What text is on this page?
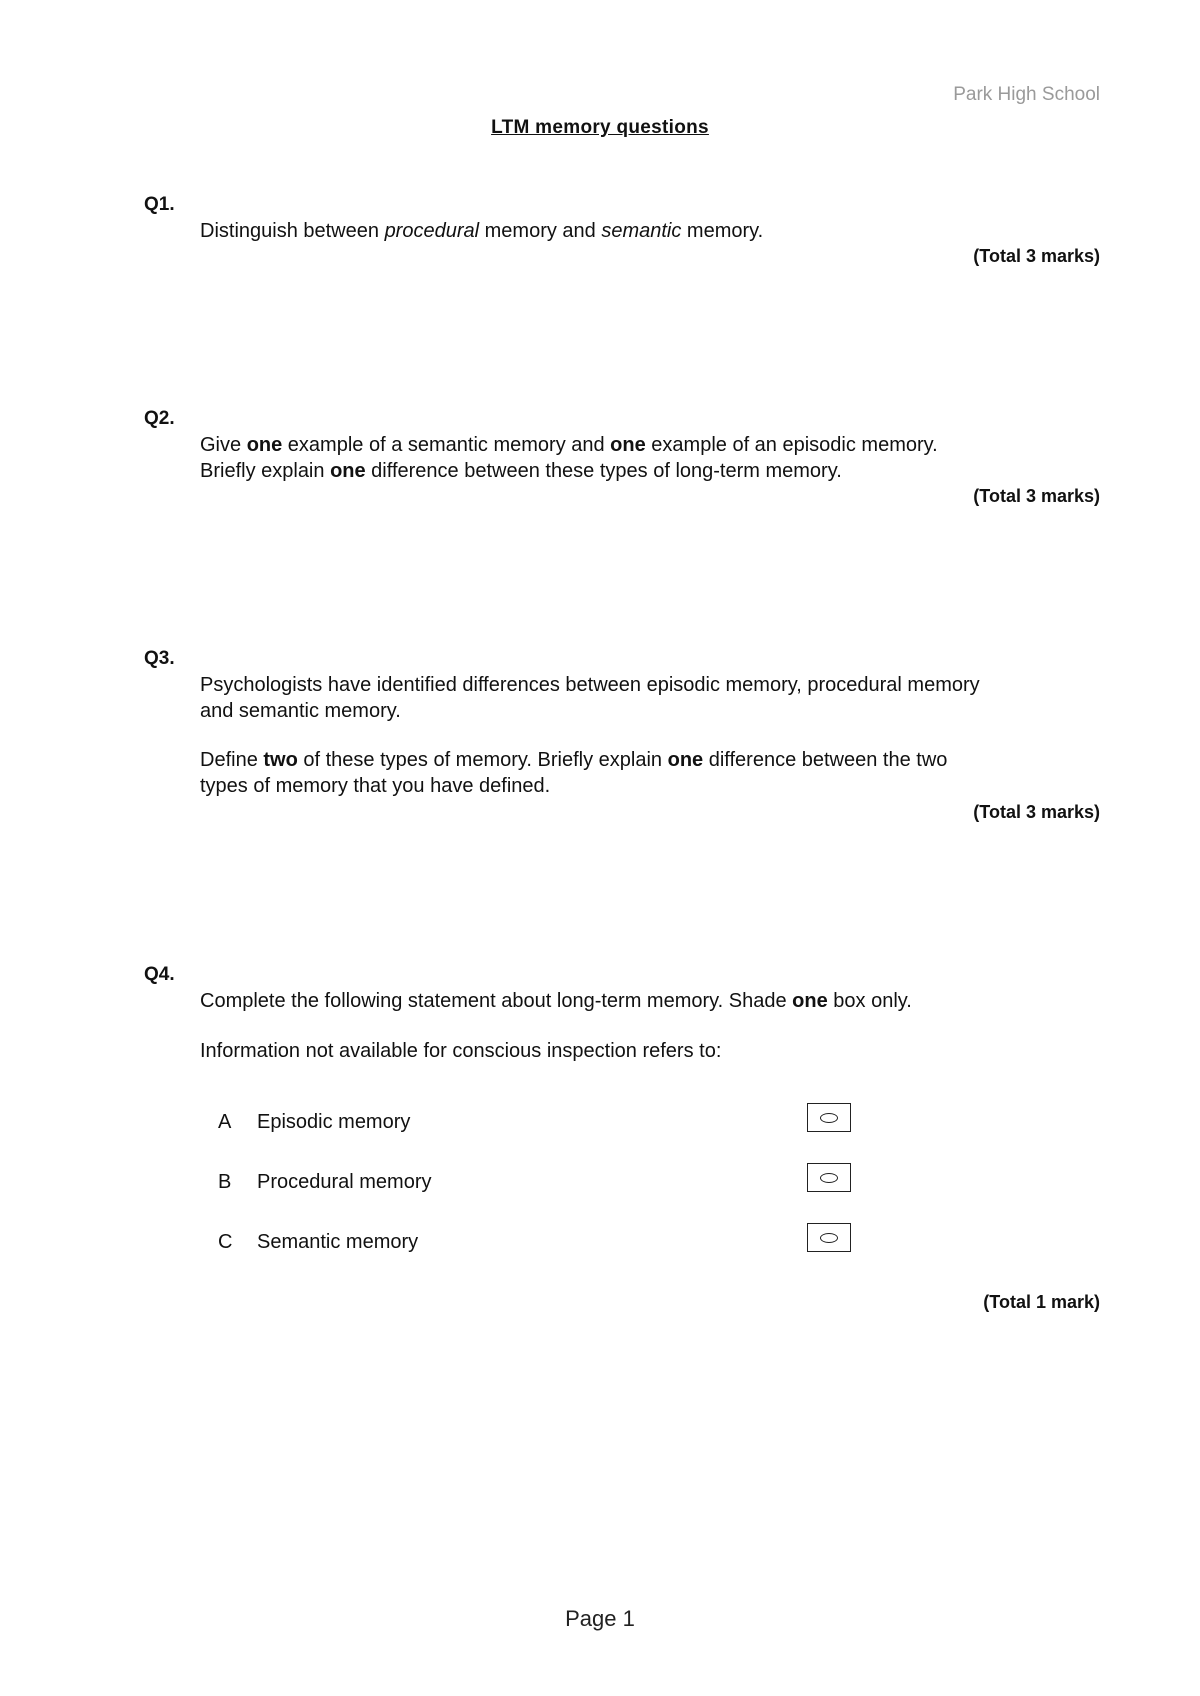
Park High School
LTM memory questions
Q1.
Distinguish between procedural memory and semantic memory.
(Total 3 marks)
Q2.
Give one example of a semantic memory and one example of an episodic memory.
Briefly explain one difference between these types of long-term memory.
(Total 3 marks)
Q3.
Psychologists have identified differences between episodic memory, procedural memory
and semantic memory.
Define two of these types of memory. Briefly explain one difference between the two
types of memory that you have defined.
(Total 3 marks)
Q4.
Complete the following statement about long-term memory. Shade one box only.
Information not available for conscious inspection refers to:
A Episodic memory
B Procedural memory
C Semantic memory
(Total 1 mark)
Page 1
